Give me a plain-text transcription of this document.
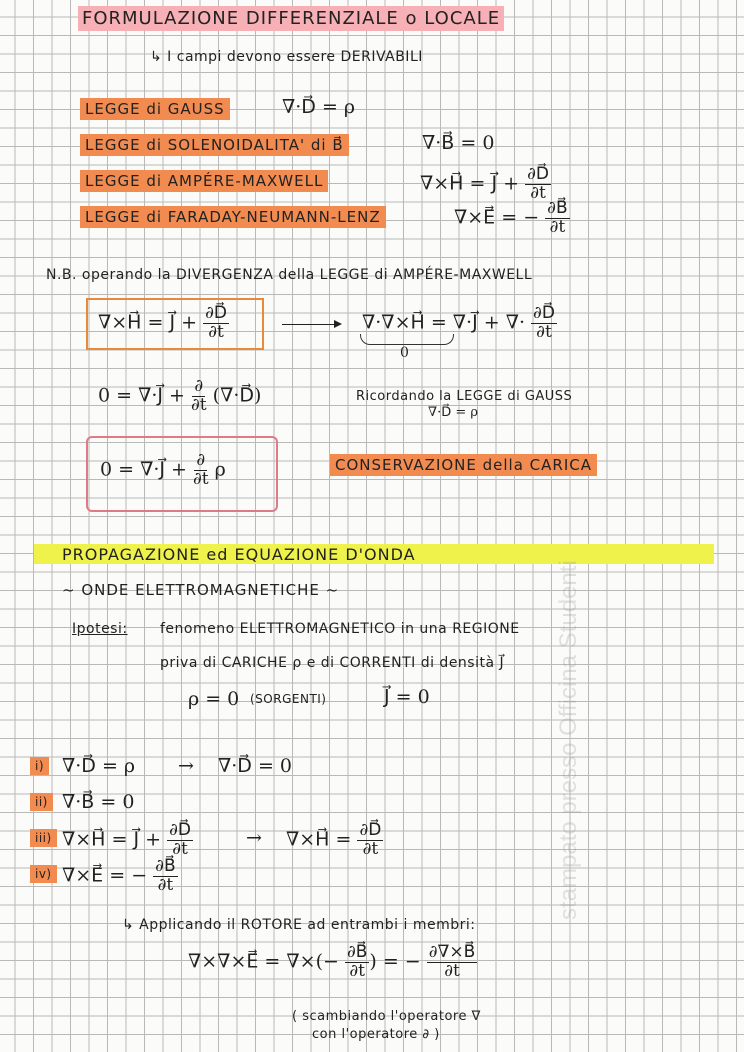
FORMULAZIONE DIFFERENZIALE o LOCALE
↳ I campi devono essere DERIVABILI
LEGGE di GAUSS	∇·D⃗ = ρ
LEGGE di SOLENOIDALITA' di B⃗	∇·B⃗ = 0
LEGGE di AMPÉRE-MAXWELL	∇×H⃗ = J⃗ + $\frac{\partial D⃗}{\partial t}$
LEGGE di FARADAY-NEUMANN-LENZ	∇×E⃗ = − $\frac{\partial B⃗}{\partial t}$
N.B. operando la DIVERGENZA della LEGGE di AMPÉRE-MAXWELL
∇×H⃗ = J⃗ + $\frac{\partial D⃗}{\partial t}$	∇·∇×H⃗ = ∇·J⃗ + ∇· $\frac{\partial D⃗}{\partial t}$
0
0 = ∇·J⃗ + $\frac{\partial}{\partial t}$ (∇·D⃗)	Ricordando la LEGGE di GAUSS
∇·D⃗ = ρ
0 = ∇·J⃗ + $\frac{\partial}{\partial t}$ ρ	CONSERVAZIONE della CARICA
PROPAGAZIONE ed EQUAZIONE D'ONDA
~ ONDE ELETTROMAGNETICHE ~
Ipotesi: fenomeno ELETTROMAGNETICO in una REGIONE
priva di CARICHE ρ e di CORRENTI di densità J⃗
ρ = 0 (SORGENTI)	J⃗ = 0
i) ∇·D⃗ = ρ → ∇·D⃗ = 0
ii) ∇·B⃗ = 0
iii) ∇×H⃗ = J⃗ + $\frac{\partial D⃗}{\partial t}$	→ ∇×H⃗ = $\frac{\partial D⃗}{\partial t}$
iv) ∇×E⃗ = − $\frac{\partial B⃗}{\partial t}$
↳ Applicando il ROTORE ad entrambi i membri:
∇×∇×E⃗ = ∇×(− $\frac{\partial B⃗}{\partial t}$ ) = − $\frac{\partial\nabla\times B⃗}{\partial t}$
( scambiando l'operatore ∇
con l'operatore ∂ )
stampato presso Officina Studenti
